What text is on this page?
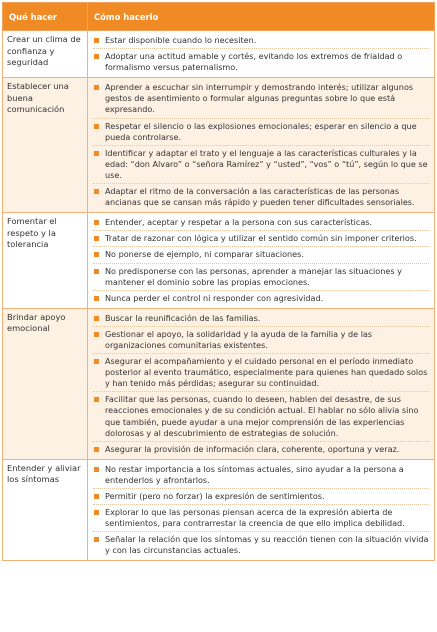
Qué hacer	Cómo hacerlo
Crear un clima de confianza y seguridad	Estar disponible cuando lo necesiten.
Adoptar una actitud amable y cortés, evitando los extremos de frialdad o formalismo versus paternalismo.

Establecer una buena comunicación	Aprender a escuchar sin interrumpir y demostrando interés; utilizar algunos gestos de asentimiento o formular algunas preguntas sobre lo que está expresando.
Respetar el silencio o las explosiones emocionales; esperar en silencio a que pueda controlarse.
Identificar y adaptar el trato y el lenguaje a las características culturales y la edad: “don Alvaro” o “señora Ramírez” y “usted”, “vos” o “tú”, según lo que se use.
Adaptar el ritmo de la conversación a las características de las personas ancianas que se cansan más rápido y pueden tener dificultades sensoriales.

Fomentar el respeto y la tolerancia	Entender, aceptar y respetar a la persona con sus características.
Tratar de razonar con lógica y utilizar el sentido común sin imponer criterios.
No ponerse de ejemplo, ni comparar situaciones.
No predisponerse con las personas, aprender a manejar las situaciones y mantener el dominio sobre las propias emociones.
Nunca perder el control ni responder con agresividad.

Brindar apoyo emocional	Buscar la reunificación de las familias.
Gestionar el apoyo, la solidaridad y la ayuda de la familia y de las organizaciones comunitarias existentes.
Asegurar el acompañamiento y el cuidado personal en el período inmediato posterior al evento traumático, especialmente para quienes han quedado solos y han tenido más pérdidas; asegurar su continuidad.
Facilitar que las personas, cuando lo deseen, hablen del desastre, de sus reacciones emocionales y de su condición actual. El hablar no sólo alivia sino que también, puede ayudar a una mejor comprensión de las experiencias dolorosas y al descubrimiento de estrategias de solución.
Asegurar la provisión de información clara, coherente, oportuna y veraz.

Entender y aliviar los síntomas	No restar importancia a los síntomas actuales, sino ayudar a la persona a entenderlos y afrontarlos.
Permitir (pero no forzar) la expresión de sentimientos.
Explorar lo que las personas piensan acerca de la expresión abierta de sentimientos, para contrarrestar la creencia de que ello implica debilidad.
Señalar la relación que los síntomas y su reacción tienen con la situación vivida y con las circunstancias actuales.
